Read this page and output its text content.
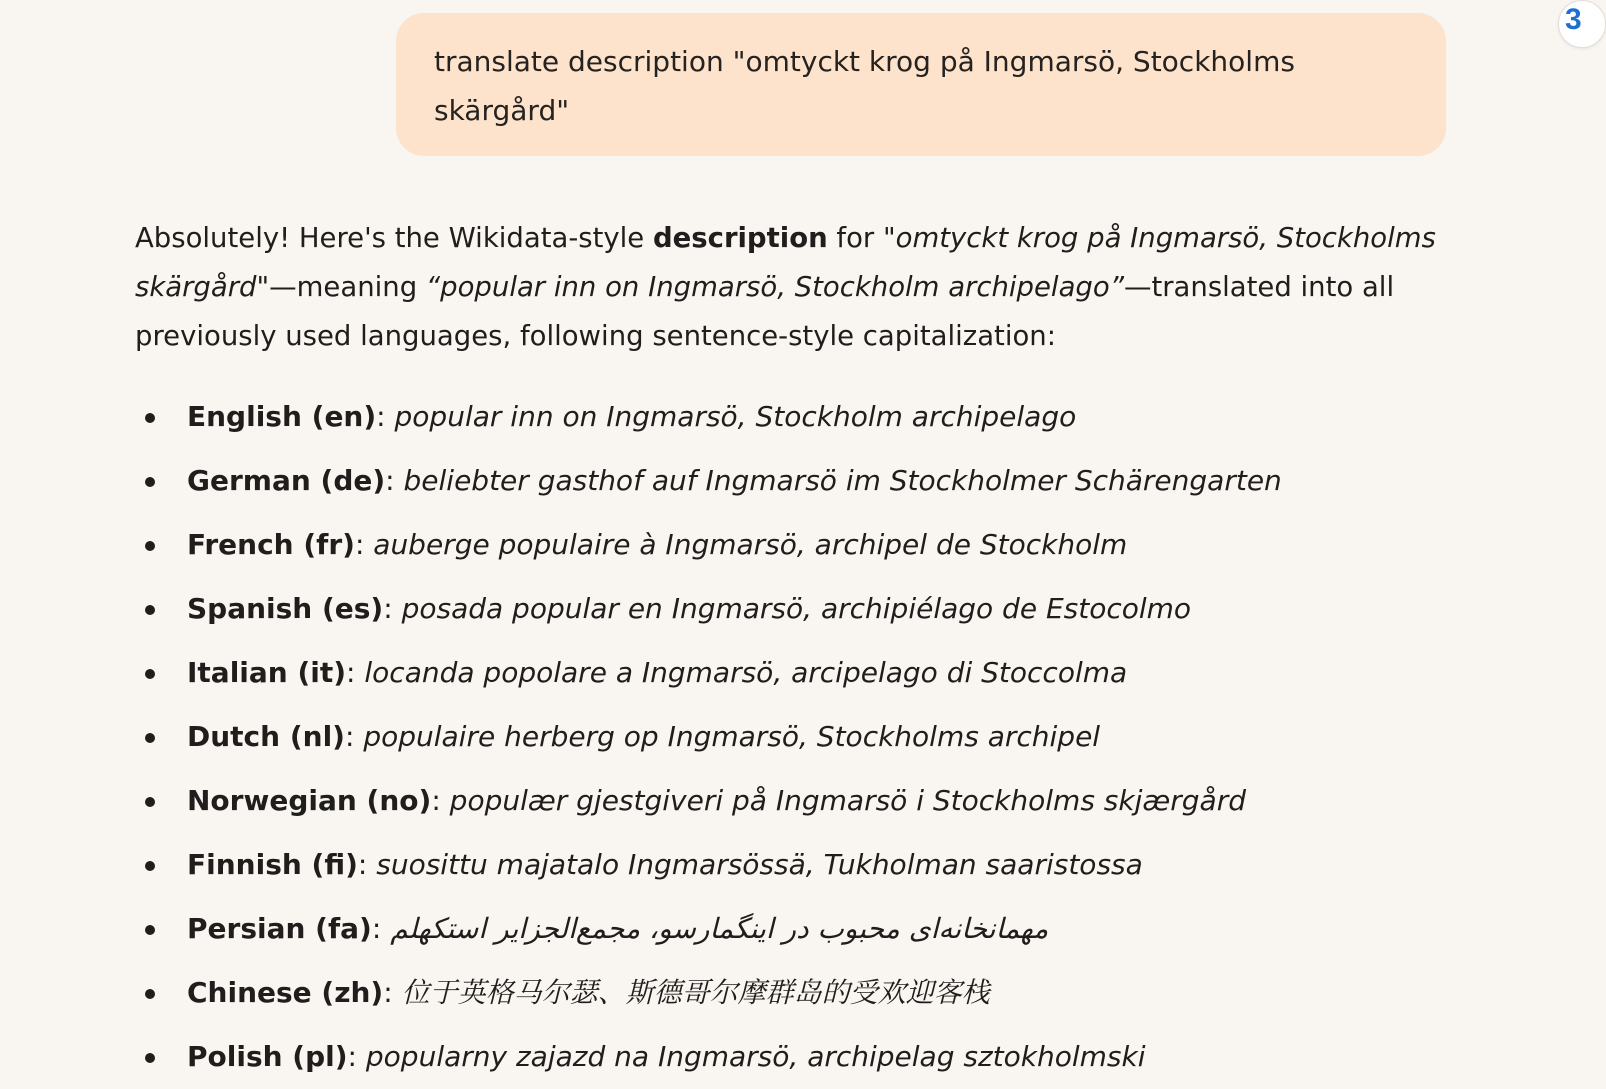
translate description "omtyckt krog på Ingmarsö, Stockholms skärgård"

3

Absolutely! Here's the Wikidata-style description for "omtyckt krog på Ingmarsö, Stockholms skärgård"—meaning “popular inn on Ingmarsö, Stockholm archipelago”—translated into all previously used languages, following sentence-style capitalization:

English (en): popular inn on Ingmarsö, Stockholm archipelago
German (de): beliebter gasthof auf Ingmarsö im Stockholmer Schärengarten
French (fr): auberge populaire à Ingmarsö, archipel de Stockholm
Spanish (es): posada popular en Ingmarsö, archipiélago de Estocolmo
Italian (it): locanda popolare a Ingmarsö, arcipelago di Stoccolma
Dutch (nl): populaire herberg op Ingmarsö, Stockholms archipel
Norwegian (no): populær gjestgiveri på Ingmarsö i Stockholms skjærgård
Finnish (fi): suosittu majatalo Ingmarsössä, Tukholman saaristossa
Persian (fa): مهمانخانه‌ای محبوب در اینگمارسو، مجمع‌الجزایر استکهلم
Chinese (zh): 位于英格马尔瑟、斯德哥尔摩群岛的受欢迎客栈
Polish (pl): popularny zajazd na Ingmarsö, archipelag sztokholmski
